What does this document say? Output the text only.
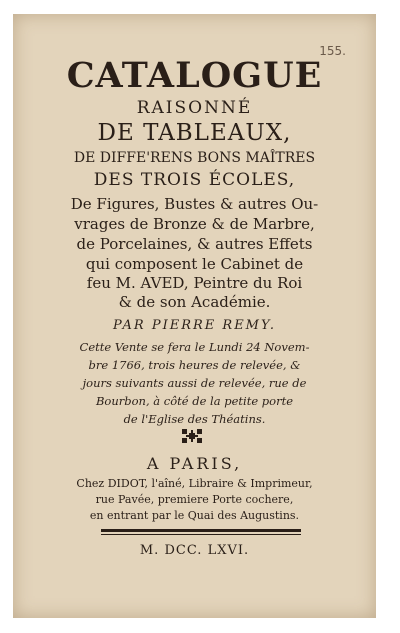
155.
CATALOGUE
RAISONNÉ
DE TABLEAUX,
DE DIFFE'RENS BONS MAÎTRES
DES TROIS ÉCOLES,
De Figures, Bustes & autres Ou-
vrages de Bronze & de Marbre,
de Porcelaines, & autres Effets
qui composent le Cabinet de
feu M. AVED, Peintre du Roi
& de son Académie.
PAR PIERRE REMY.
Cette Vente se fera le Lundi 24 Novem-
bre 1766, trois heures de relevée, &
jours suivants aussi de relevée, rue de
Bourbon, à côté de la petite porte
de l'Eglise des Théatins.
A PARIS,
Chez DIDOT, l'aîné, Libraire & Imprimeur,
rue Pavée, premiere Porte cochere,
en entrant par le Quai des Augustins.
M. DCC. LXVI.
